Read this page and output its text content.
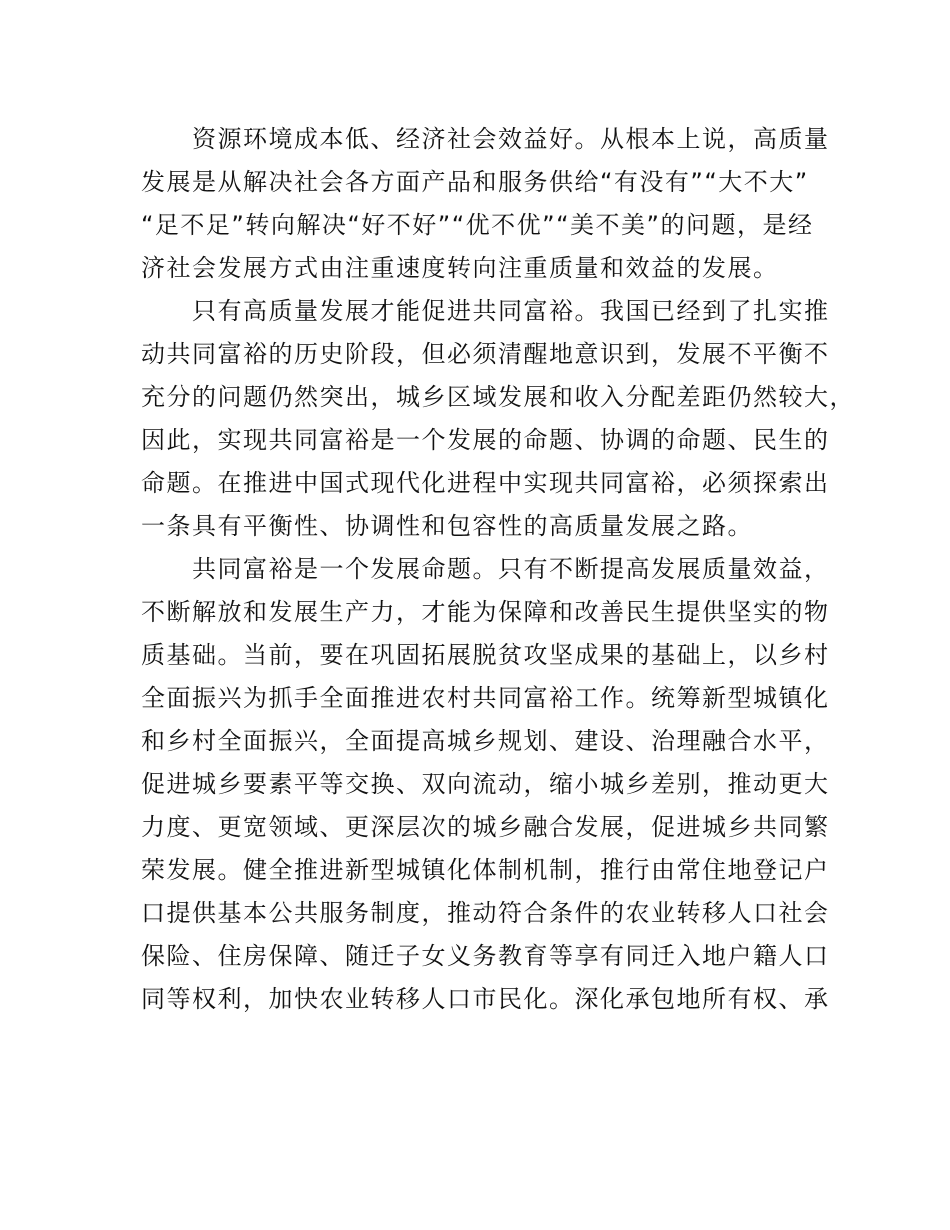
　　资源环境成本低、经济社会效益好。从根本上说，高质量
发展是从解决社会各方面产品和服务供给“有没有”“大不大”
“足不足”转向解决“好不好”“优不优”“美不美”的问题，是经
济社会发展方式由注重速度转向注重质量和效益的发展。
　　只有高质量发展才能促进共同富裕。我国已经到了扎实推
动共同富裕的历史阶段，但必须清醒地意识到，发展不平衡不
充分的问题仍然突出，城乡区域发展和收入分配差距仍然较大，
因此，实现共同富裕是一个发展的命题、协调的命题、民生的
命题。在推进中国式现代化进程中实现共同富裕，必须探索出
一条具有平衡性、协调性和包容性的高质量发展之路。
　　共同富裕是一个发展命题。只有不断提高发展质量效益，
不断解放和发展生产力，才能为保障和改善民生提供坚实的物
质基础。当前，要在巩固拓展脱贫攻坚成果的基础上，以乡村
全面振兴为抓手全面推进农村共同富裕工作。统筹新型城镇化
和乡村全面振兴，全面提高城乡规划、建设、治理融合水平，
促进城乡要素平等交换、双向流动，缩小城乡差别，推动更大
力度、更宽领域、更深层次的城乡融合发展，促进城乡共同繁
荣发展。健全推进新型城镇化体制机制，推行由常住地登记户
口提供基本公共服务制度，推动符合条件的农业转移人口社会
保险、住房保障、随迁子女义务教育等享有同迁入地户籍人口
同等权利，加快农业转移人口市民化。深化承包地所有权、承
